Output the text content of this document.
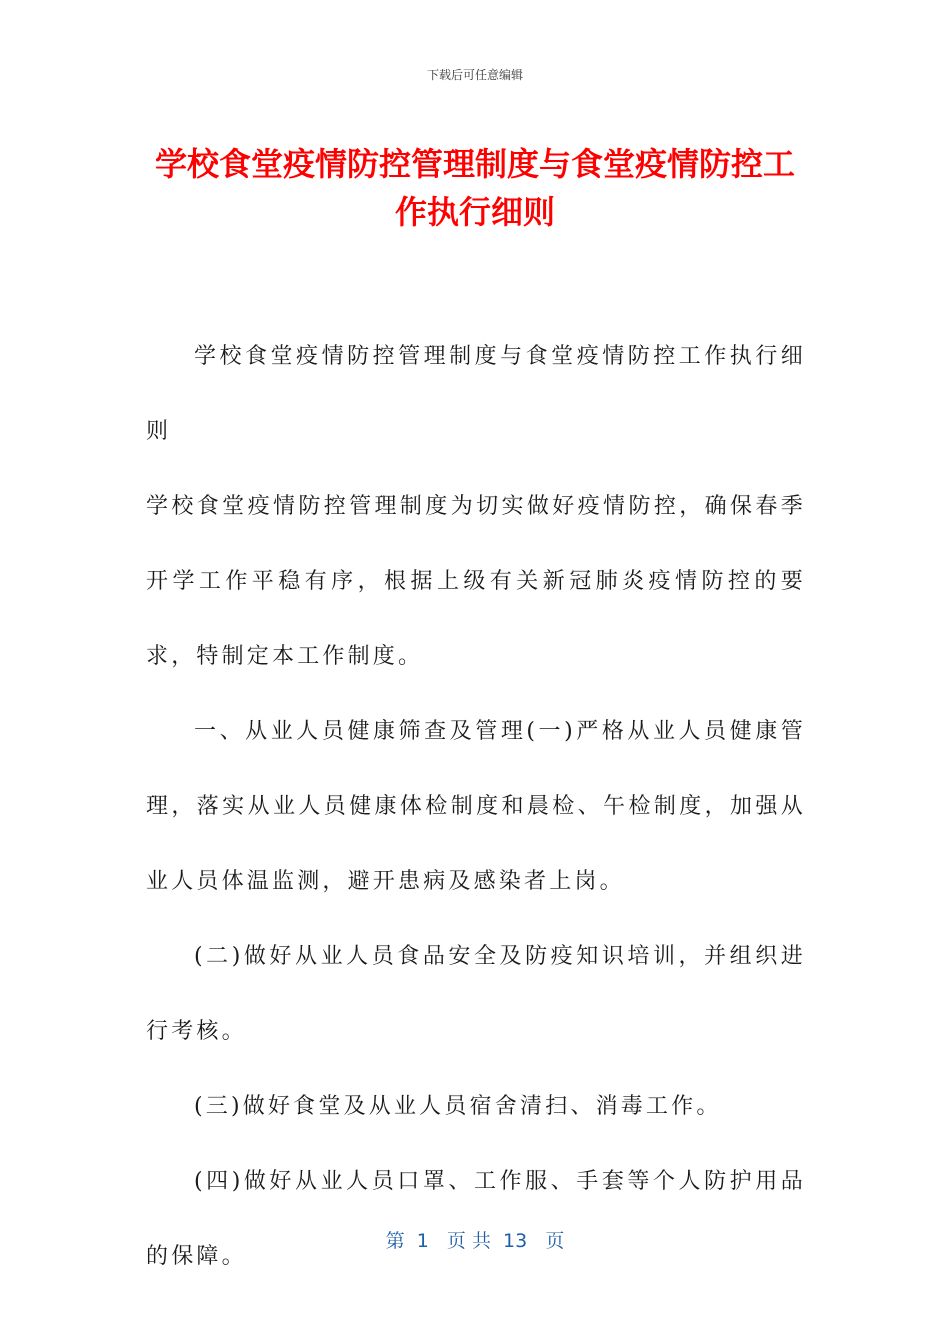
下载后可任意编辑
学校食堂疫情防控管理制度与食堂疫情防控工作执行细则

学校食堂疫情防控管理制度与食堂疫情防控工作执行细则

学校食堂疫情防控管理制度为切实做好疫情防控，确保春季开学工作平稳有序，根据上级有关新冠肺炎疫情防控的要求，特制定本工作制度。

一、从业人员健康筛查及管理(一)严格从业人员健康管理，落实从业人员健康体检制度和晨检、午检制度，加强从业人员体温监测，避开患病及感染者上岗。

(二)做好从业人员食品安全及防疫知识培训，并组织进行考核。

(三)做好食堂及从业人员宿舍清扫、消毒工作。

(四)做好从业人员口罩、工作服、手套等个人防护用品的保障。

第  1   页 共  13   页
